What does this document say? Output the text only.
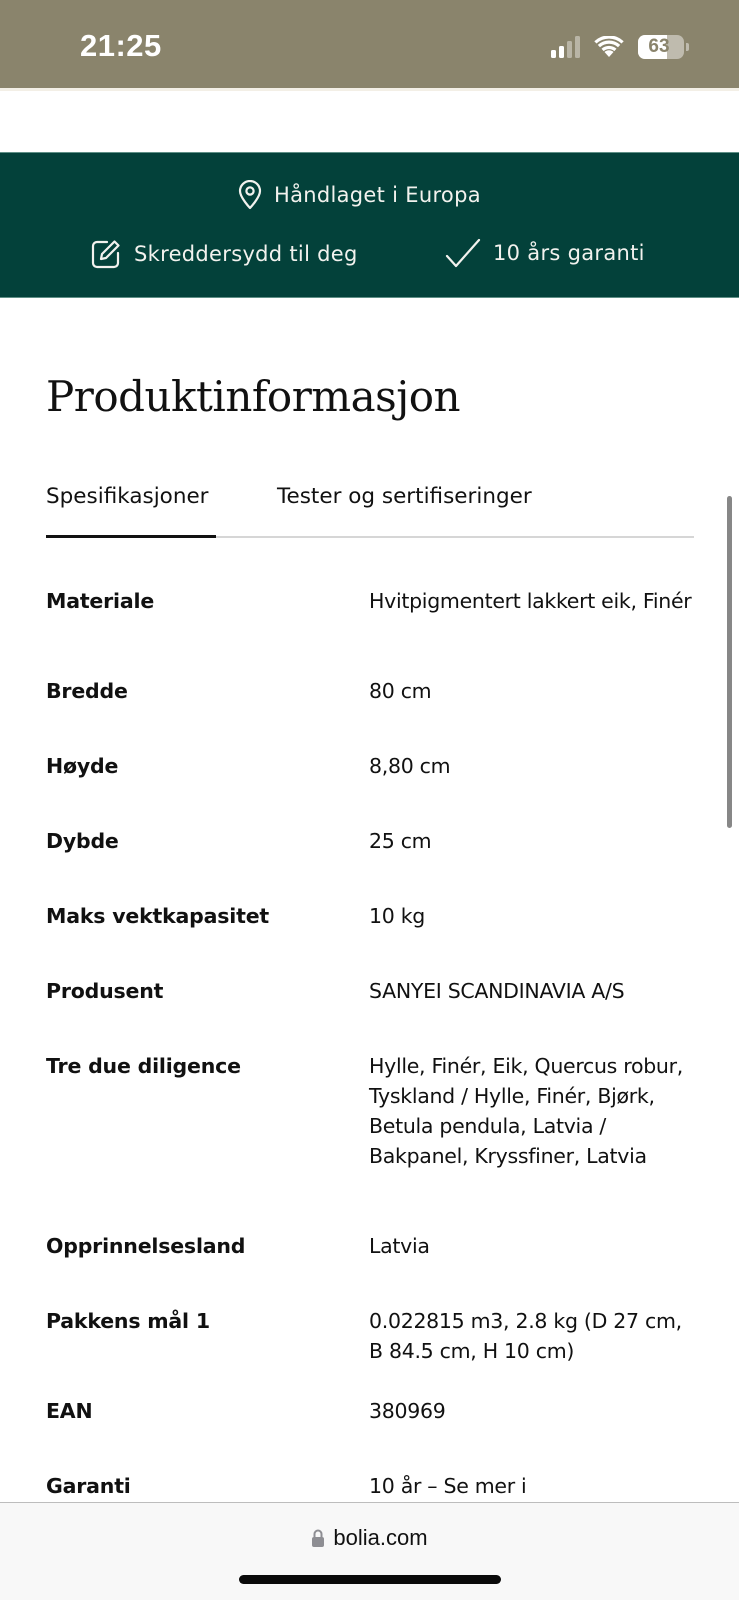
21:25	63
Håndlaget i Europa
Skreddersydd til deg	10 års garanti
Produktinformasjon
Spesifikasjoner	Tester og sertifiseringer
Materiale	Hvitpigmentert lakkert eik, Finér
Bredde	80 cm
Høyde	8,80 cm
Dybde	25 cm
Maks vektkapasitet	10 kg
Produsent	SANYEI SCANDINAVIA A/S
Tre due diligence	Hylle, Finér, Eik, Quercus robur, Tyskland / Hylle, Finér, Bjørk, Betula pendula, Latvia / Bakpanel, Kryssfiner, Latvia
Opprinnelsesland	Latvia
Pakkens mål 1	0.022815 m3, 2.8 kg (D 27 cm, B 84.5 cm, H 10 cm)
EAN	380969
Garanti	10 år – Se mer i
bolia.com
